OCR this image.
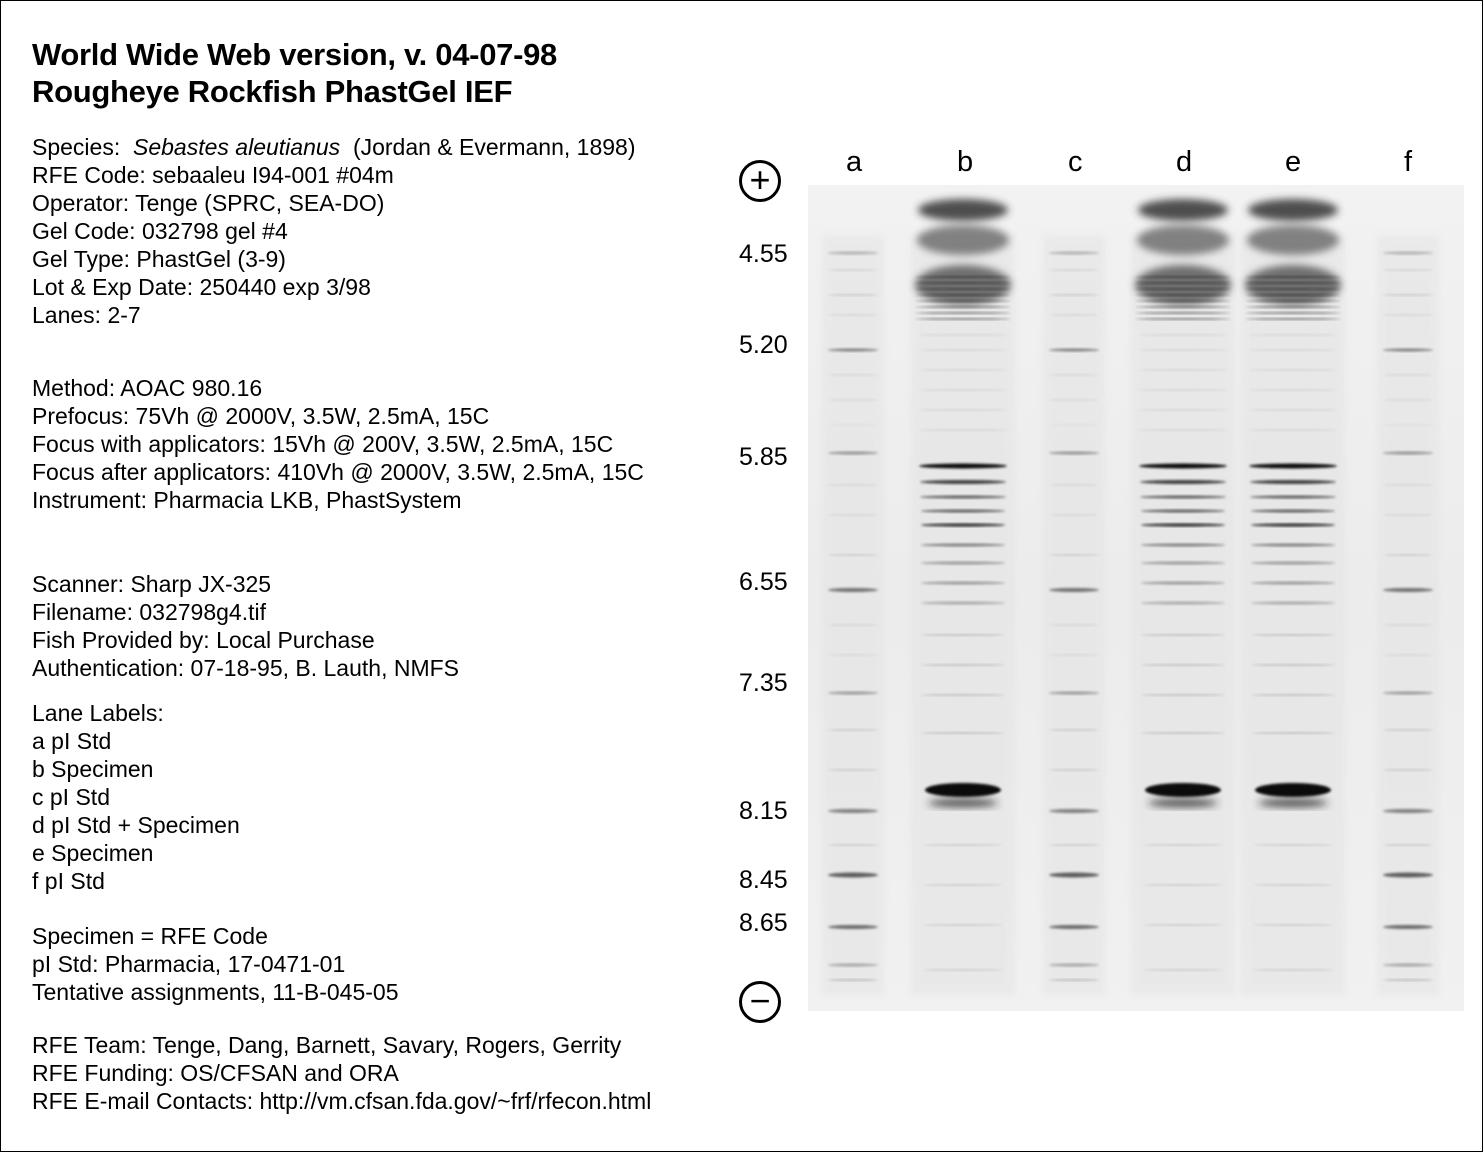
World Wide Web version, v. 04-07-98
Rougheye Rockfish PhastGel IEF
Species: Sebastes aleutianus (Jordan & Evermann, 1898)
RFE Code: sebaaleu I94-001 #04m
Operator: Tenge (SPRC, SEA-DO)
Gel Code: 032798 gel #4
Gel Type: PhastGel (3-9)
Lot & Exp Date: 250440 exp 3/98
Lanes: 2-7
Method: AOAC 980.16
Prefocus: 75Vh @ 2000V, 3.5W, 2.5mA, 15C
Focus with applicators: 15Vh @ 200V, 3.5W, 2.5mA, 15C
Focus after applicators: 410Vh @ 2000V, 3.5W, 2.5mA, 15C
Instrument: Pharmacia LKB, PhastSystem
Scanner: Sharp JX-325
Filename: 032798g4.tif
Fish Provided by: Local Purchase
Authentication: 07-18-95, B. Lauth, NMFS
Lane Labels:
a pI Std
b Specimen
c pI Std
d pI Std + Specimen
e Specimen
f pI Std
Specimen = RFE Code
pI Std: Pharmacia, 17-0471-01
Tentative assignments, 11-B-045-05
RFE Team: Tenge, Dang, Barnett, Savary, Rogers, Gerrity
RFE Funding: OS/CFSAN and ORA
RFE E-mail Contacts: http://vm.cfsan.fda.gov/~frf/rfecon.html
a	b	c	d	e	f
+
−
4.55
5.20
5.85
6.55
7.35
8.15
8.45
8.65
